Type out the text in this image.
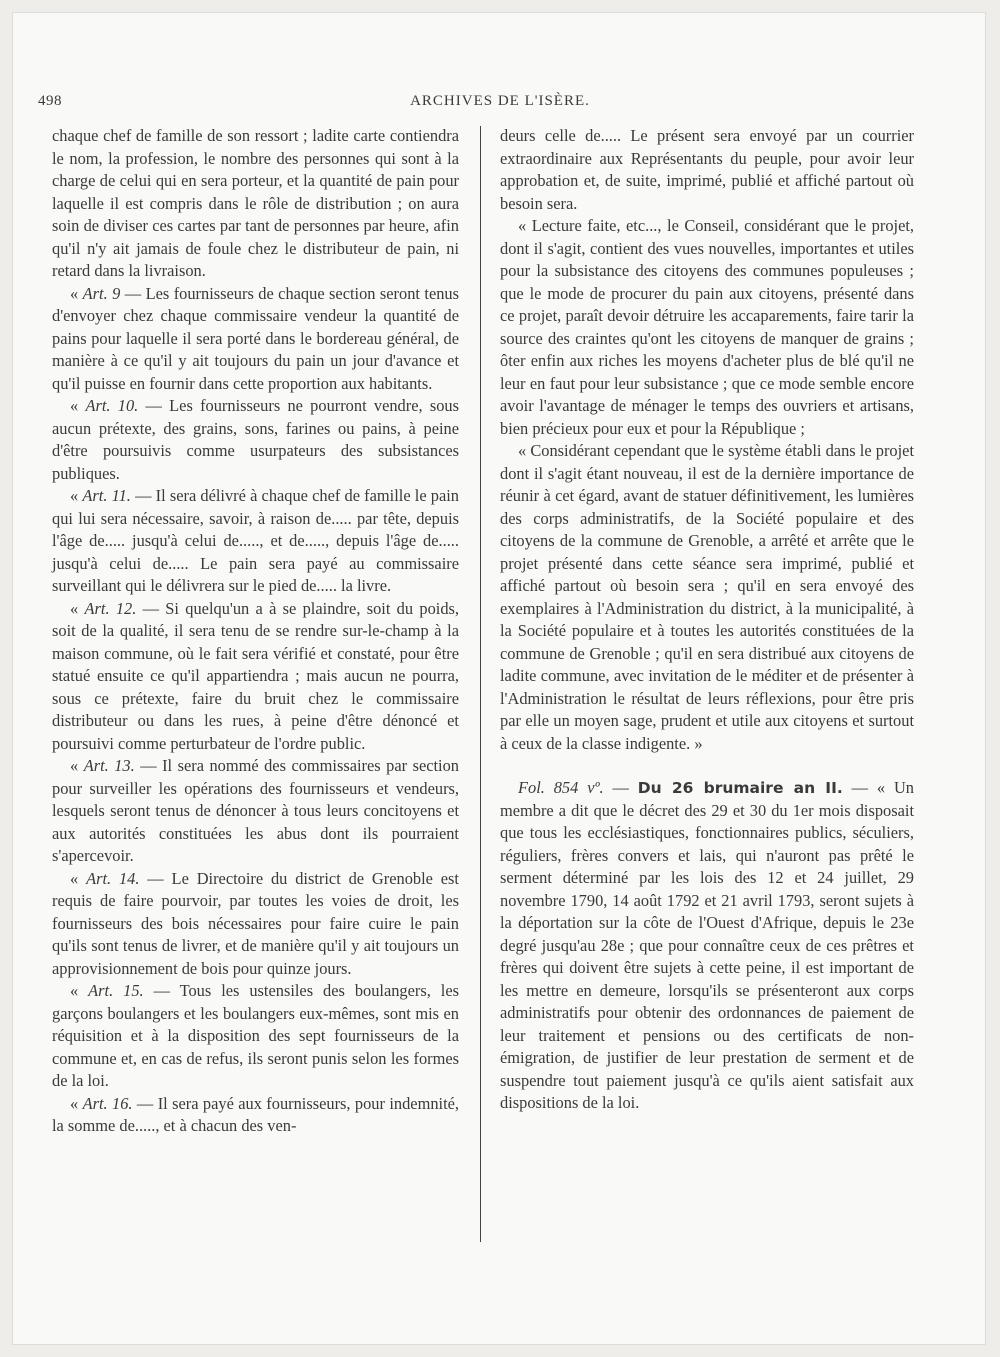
498	ARCHIVES DE L'ISÈRE.

chaque chef de famille de son ressort ; ladite carte contiendra le nom, la profession, le nombre des personnes qui sont à la charge de celui qui en sera porteur, et la quantité de pain pour laquelle il est compris dans le rôle de distribution ; on aura soin de diviser ces cartes par tant de personnes par heure, afin qu'il n'y ait jamais de foule chez le distributeur de pain, ni retard dans la livraison.

« Art. 9 — Les fournisseurs de chaque section seront tenus d'envoyer chez chaque commissaire vendeur la quantité de pains pour laquelle il sera porté dans le bordereau général, de manière à ce qu'il y ait toujours du pain un jour d'avance et qu'il puisse en fournir dans cette proportion aux habitants.

« Art. 10. — Les fournisseurs ne pourront vendre, sous aucun prétexte, des grains, sons, farines ou pains, à peine d'être poursuivis comme usurpateurs des subsistances publiques.

« Art. 11. — Il sera délivré à chaque chef de famille le pain qui lui sera nécessaire, savoir, à raison de..... par tête, depuis l'âge de..... jusqu'à celui de....., et de....., depuis l'âge de..... jusqu'à celui de..... Le pain sera payé au commissaire surveillant qui le délivrera sur le pied de..... la livre.

« Art. 12. — Si quelqu'un a à se plaindre, soit du poids, soit de la qualité, il sera tenu de se rendre sur-le-champ à la maison commune, où le fait sera vérifié et constaté, pour être statué ensuite ce qu'il appartiendra ; mais aucun ne pourra, sous ce prétexte, faire du bruit chez le commissaire distributeur ou dans les rues, à peine d'être dénoncé et poursuivi comme perturbateur de l'ordre public.

« Art. 13. — Il sera nommé des commissaires par section pour surveiller les opérations des fournisseurs et vendeurs, lesquels seront tenus de dénoncer à tous leurs concitoyens et aux autorités constituées les abus dont ils pourraient s'apercevoir.

« Art. 14. — Le Directoire du district de Grenoble est requis de faire pourvoir, par toutes les voies de droit, les fournisseurs des bois nécessaires pour faire cuire le pain qu'ils sont tenus de livrer, et de manière qu'il y ait toujours un approvisionnement de bois pour quinze jours.

« Art. 15. — Tous les ustensiles des boulangers, les garçons boulangers et les boulangers eux-mêmes, sont mis en réquisition et à la disposition des sept fournisseurs de la commune et, en cas de refus, ils seront punis selon les formes de la loi.

« Art. 16. — Il sera payé aux fournisseurs, pour indemnité, la somme de....., et à chacun des ven-

deurs celle de..... Le présent sera envoyé par un courrier extraordinaire aux Représentants du peuple, pour avoir leur approbation et, de suite, imprimé, publié et affiché partout où besoin sera.

« Lecture faite, etc..., le Conseil, considérant que le projet, dont il s'agit, contient des vues nouvelles, importantes et utiles pour la subsistance des citoyens des communes populeuses ; que le mode de procurer du pain aux citoyens, présenté dans ce projet, paraît devoir détruire les accaparements, faire tarir la source des craintes qu'ont les citoyens de manquer de grains ; ôter enfin aux riches les moyens d'acheter plus de blé qu'il ne leur en faut pour leur subsistance ; que ce mode semble encore avoir l'avantage de ménager le temps des ouvriers et artisans, bien précieux pour eux et pour la République ;

« Considérant cependant que le système établi dans le projet dont il s'agit étant nouveau, il est de la dernière importance de réunir à cet égard, avant de statuer définitivement, les lumières des corps administratifs, de la Société populaire et des citoyens de la commune de Grenoble, a arrêté et arrête que le projet présenté dans cette séance sera imprimé, publié et affiché partout où besoin sera ; qu'il en sera envoyé des exemplaires à l'Administration du district, à la municipalité, à la Société populaire et à toutes les autorités constituées de la commune de Grenoble ; qu'il en sera distribué aux citoyens de ladite commune, avec invitation de le méditer et de présenter à l'Administration le résultat de leurs réflexions, pour être pris par elle un moyen sage, prudent et utile aux citoyens et surtout à ceux de la classe indigente. »

Fol. 854 vº. — Du 26 brumaire an II. — « Un membre a dit que le décret des 29 et 30 du 1er mois disposait que tous les ecclésiastiques, fonctionnaires publics, séculiers, réguliers, frères convers et lais, qui n'auront pas prêté le serment déterminé par les lois des 12 et 24 juillet, 29 novembre 1790, 14 août 1792 et 21 avril 1793, seront sujets à la déportation sur la côte de l'Ouest d'Afrique, depuis le 23e degré jusqu'au 28e ; que pour connaître ceux de ces prêtres et frères qui doivent être sujets à cette peine, il est important de les mettre en demeure, lorsqu'ils se présenteront aux corps administratifs pour obtenir des ordonnances de paiement de leur traitement et pensions ou des certificats de non-émigration, de justifier de leur prestation de serment et de suspendre tout paiement jusqu'à ce qu'ils aient satisfait aux dispositions de la loi.
